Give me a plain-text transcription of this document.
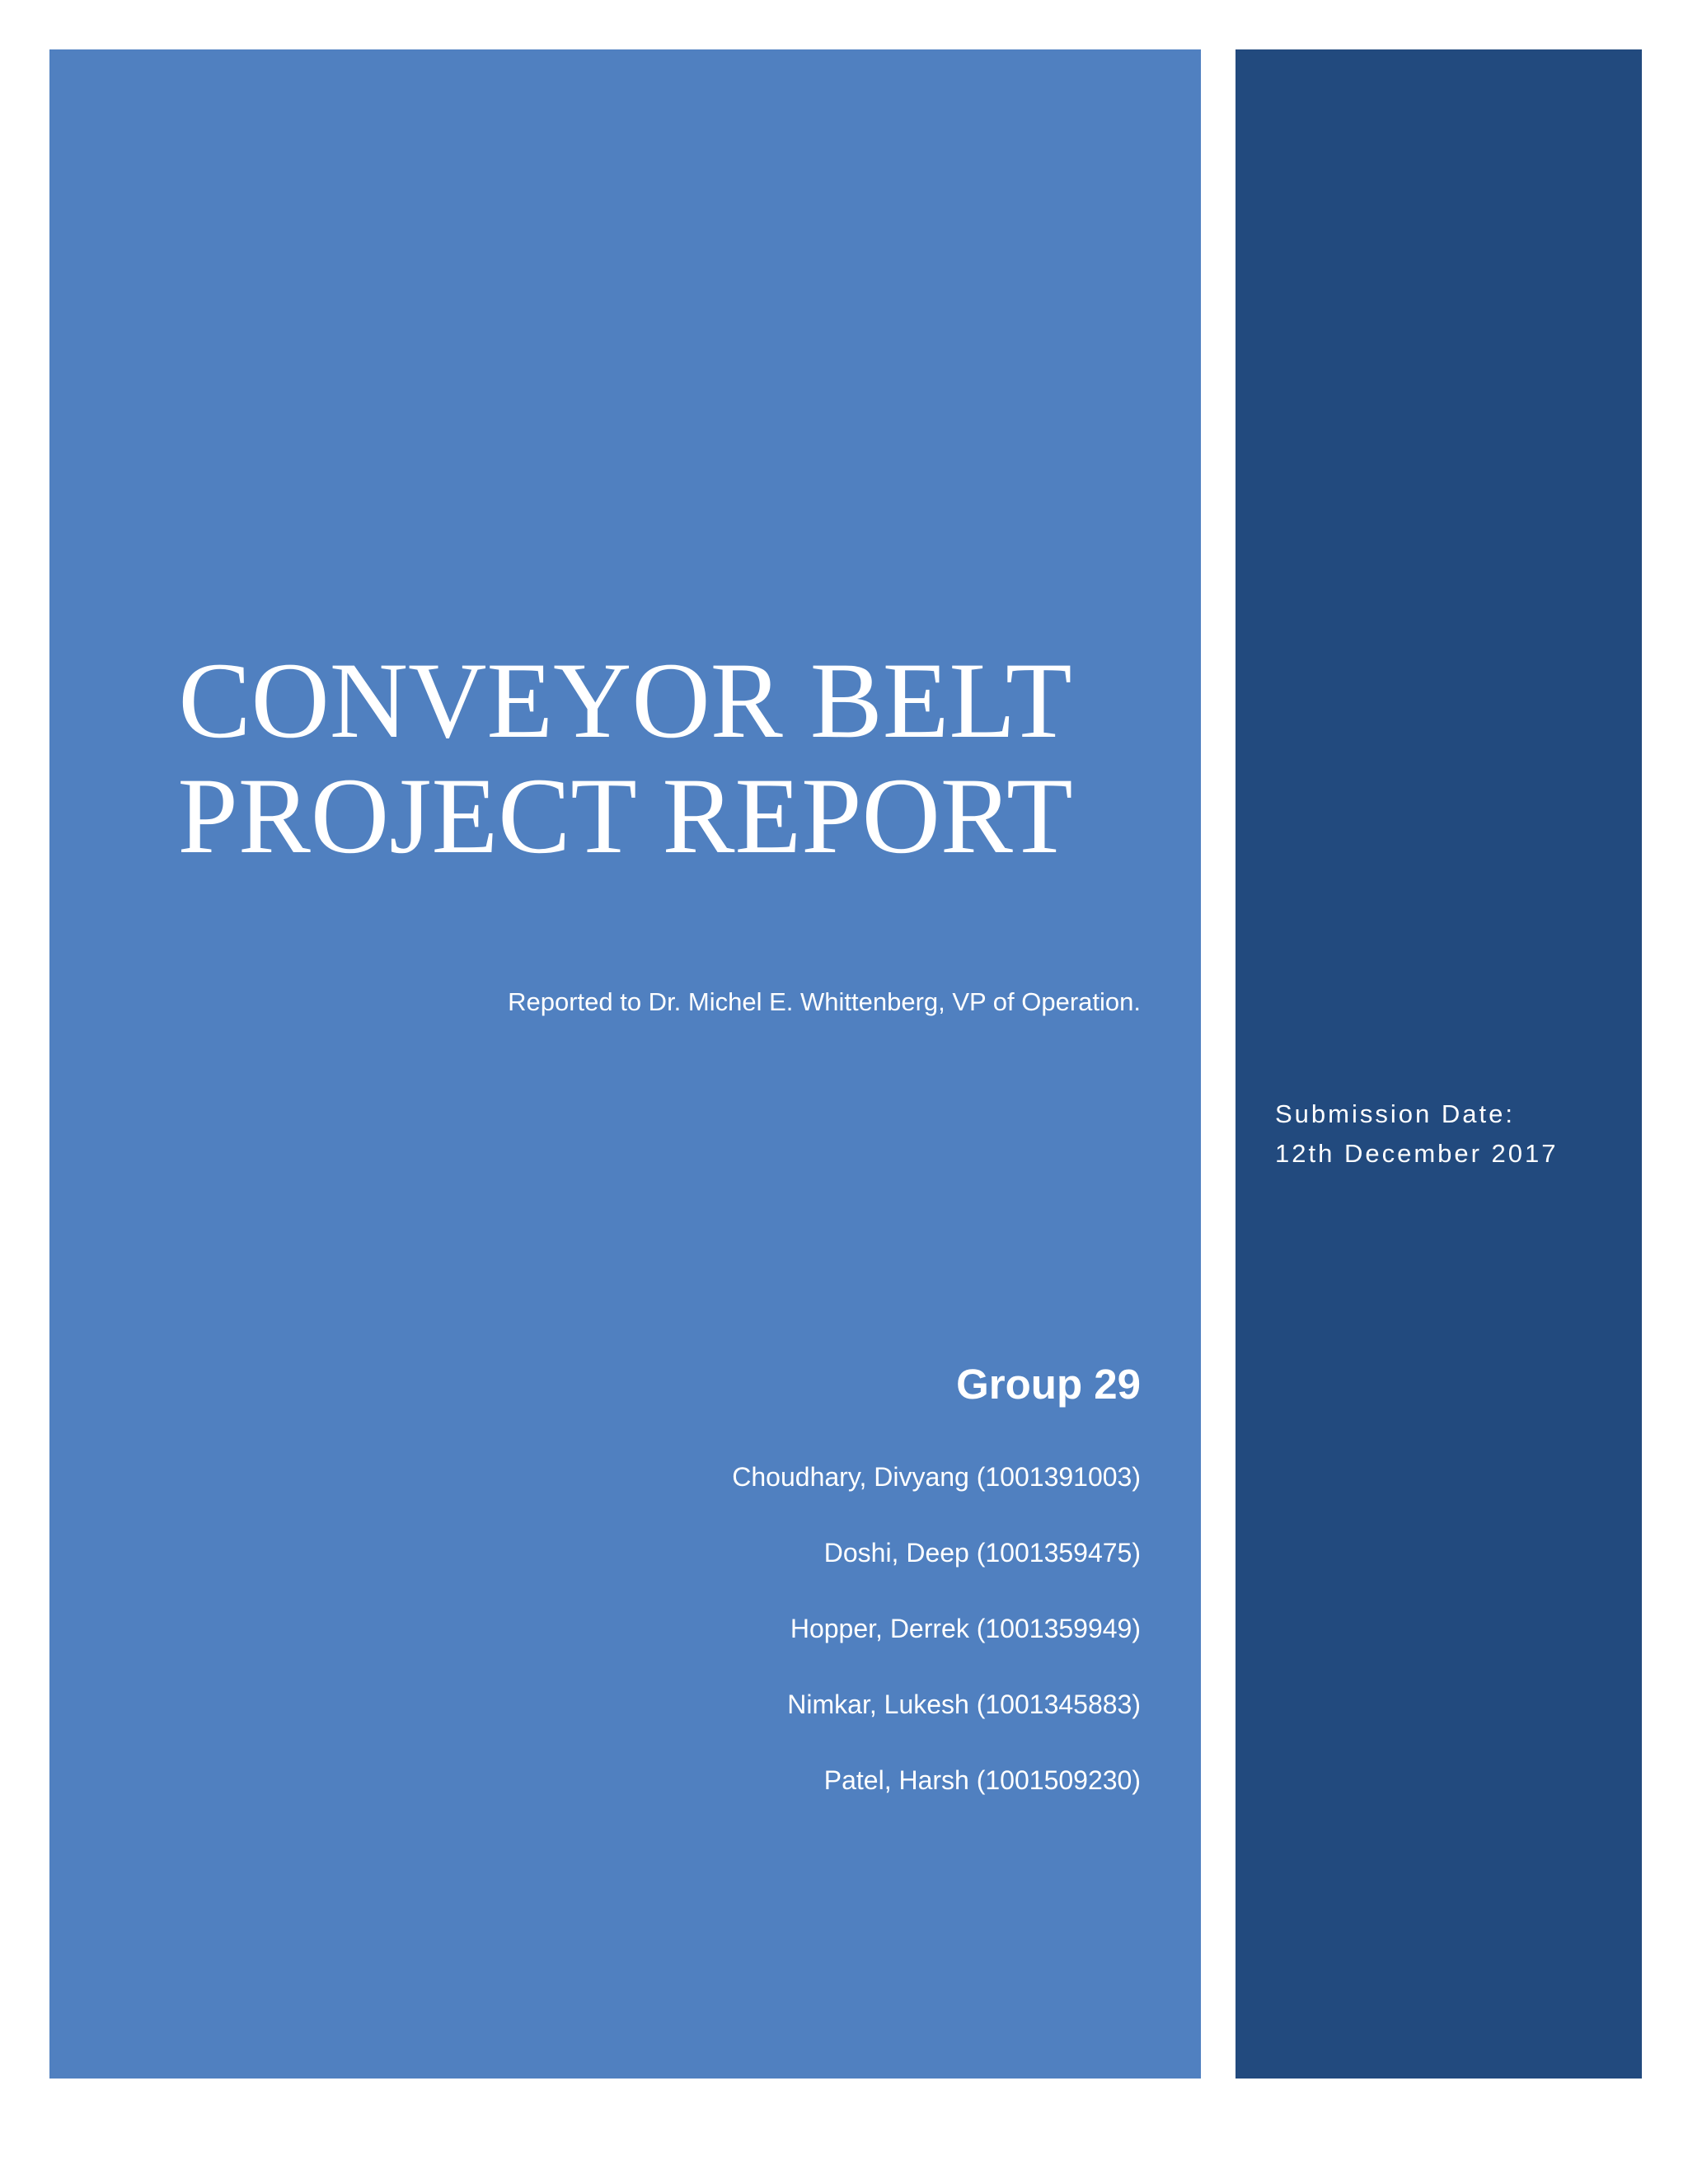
CONVEYOR BELT
PROJECT REPORT
Reported to Dr. Michel E. Whittenberg, VP of Operation.
Group 29
Choudhary, Divyang (1001391003)
Doshi, Deep (1001359475)
Hopper, Derrek (1001359949)
Nimkar, Lukesh (1001345883)
Patel, Harsh (1001509230)
Submission Date:
12th December 2017
